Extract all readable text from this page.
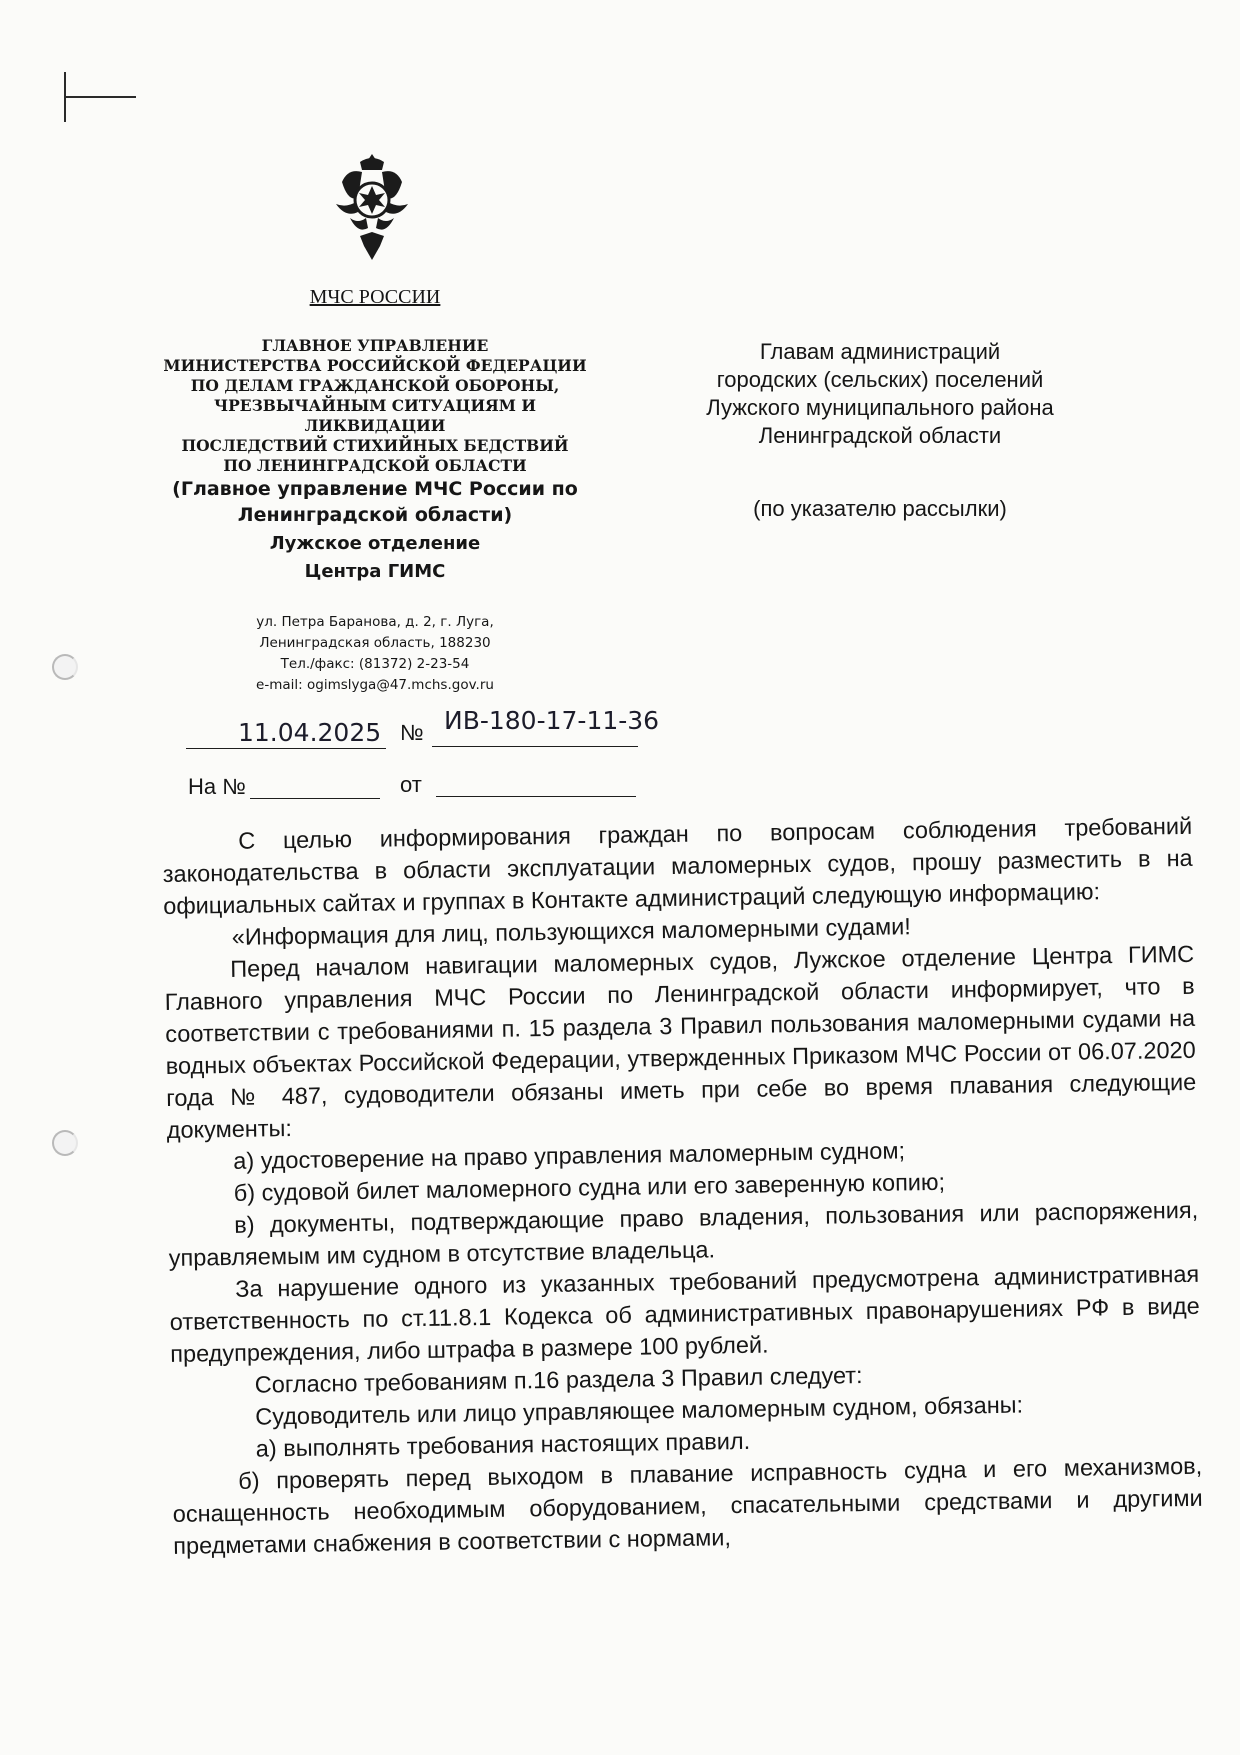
МЧС РОССИИ

ГЛАВНОЕ УПРАВЛЕНИЕ
МИНИСТЕРСТВА РОССИЙСКОЙ ФЕДЕРАЦИИ
ПО ДЕЛАМ ГРАЖДАНСКОЙ ОБОРОНЫ,
ЧРЕЗВЫЧАЙНЫМ СИТУАЦИЯМ И ЛИКВИДАЦИИ
ПОСЛЕДСТВИЙ СТИХИЙНЫХ БЕДСТВИЙ
ПО ЛЕНИНГРАДСКОЙ ОБЛАСТИ
(Главное управление МЧС России по
Ленинградской области)
Лужское отделение
Центра ГИМС
ул. Петра Баранова, д. 2, г. Луга,
Ленинградская область, 188230
Тел./факс: (81372) 2-23-54
e-mail: ogimslyga@47.mchs.gov.ru
Главам администраций
городских (сельских) поселений
Лужского муниципального района
Ленинградской области

(по указателю рассылки)

11.04.2025 № ИВ-180-17-11-36
На №	от

С целью информирования граждан по вопросам соблюдения требований законодательства в области эксплуатации маломерных судов, прошу разместить в на официальных сайтах и группах в Контакте администраций следующую информацию:

«Информация для лиц, пользующихся маломерными судами!

Перед началом навигации маломерных судов, Лужское отделение Центра ГИМС Главного управления МЧС России по Ленинградской области информирует, что в соответствии с требованиями п. 15 раздела 3 Правил пользования маломерными судами на водных объектах Российской Федерации, утвержденных Приказом МЧС России от 06.07.2020 года № 487, судоводители обязаны иметь при себе во время плавания следующие документы:

а) удостоверение на право управления маломерным судном;

б) судовой билет маломерного судна или его заверенную копию;

в) документы, подтверждающие право владения, пользования или распоряжения, управляемым им судном в отсутствие владельца.

За нарушение одного из указанных требований предусмотрена административная ответственность по ст.11.8.1 Кодекса об административных правонарушениях РФ в виде предупреждения, либо штрафа в размере 100 рублей.

Согласно требованиям п.16 раздела 3 Правил следует:

Судоводитель или лицо управляющее маломерным судном, обязаны:

а) выполнять требования настоящих правил.

б) проверять перед выходом в плавание исправность судна и его механизмов, оснащенность необходимым оборудованием, спасательными средствами и другими предметами снабжения в соответствии с нормами,
